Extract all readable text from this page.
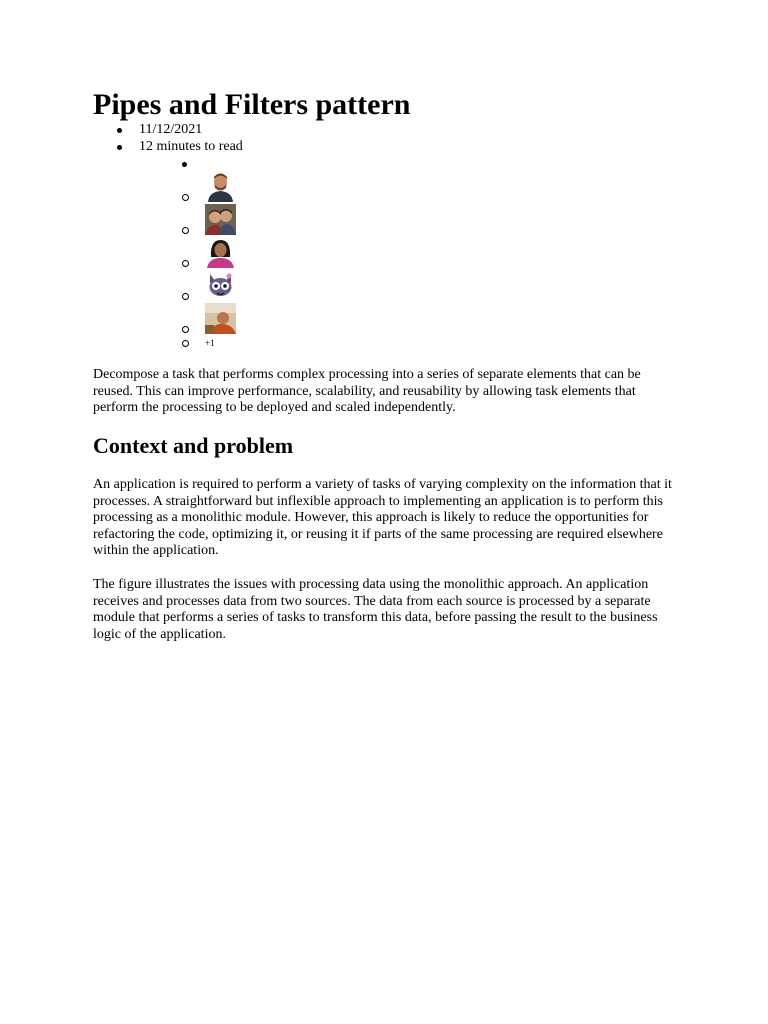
Pipes and Filters pattern
11/12/2021
12 minutes to read
+1

Decompose a task that performs complex processing into a series of separate elements that can be reused. This can improve performance, scalability, and reusability by allowing task elements that perform the processing to be deployed and scaled independently.

Context and problem

An application is required to perform a variety of tasks of varying complexity on the information that it processes. A straightforward but inflexible approach to implementing an application is to perform this processing as a monolithic module. However, this approach is likely to reduce the opportunities for refactoring the code, optimizing it, or reusing it if parts of the same processing are required elsewhere within the application.

The figure illustrates the issues with processing data using the monolithic approach. An application receives and processes data from two sources. The data from each source is processed by a separate module that performs a series of tasks to transform this data, before passing the result to the business logic of the application.
